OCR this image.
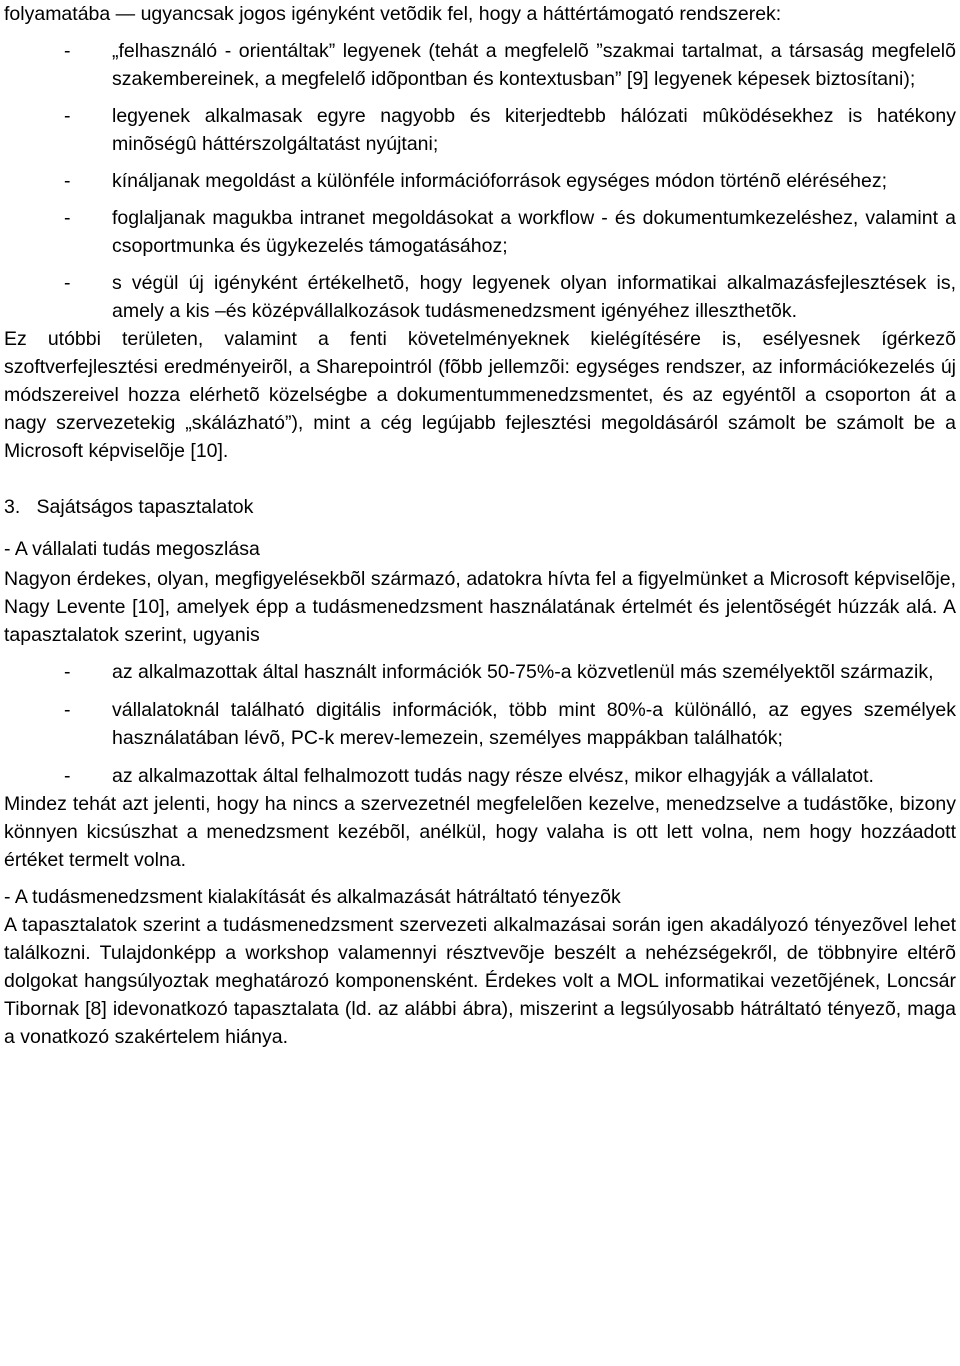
folyamatába — ugyancsak jogos igényként vetõdik fel, hogy a háttértámogató rendszerek:

-	„felhasználó - orientáltak” legyenek (tehát a megfelelõ ”szakmai tartalmat, a társaság megfelelõ szakembereinek, a megfelelő idõpontban és kontextusban” [9] legyenek képesek biztosítani);
-	legyenek alkalmasak egyre nagyobb és kiterjedtebb hálózati mûködésekhez is hatékony minõségû háttérszolgáltatást nyújtani;
-	kínáljanak megoldást a különféle információforrások egységes módon történõ eléréséhez;
-	foglaljanak magukba intranet megoldásokat a workflow - és dokumentumkezeléshez, valamint a csoportmunka és ügykezelés támogatásához;
-	s végül új igényként értékelhetõ, hogy legyenek olyan informatikai alkalmazásfejlesztések is, amely a kis –és középvállalkozások tudásmenedzsment igényéhez illeszthetõk.

Ez utóbbi területen, valamint a fenti követelményeknek kielégítésére is, esélyesnek ígérkezõ szoftverfejlesztési eredményeirõl, a Sharepointról (fõbb jellemzõi: egységes rendszer, az információkezelés új módszereivel hozza elérhetõ közelségbe a dokumentummenedzsmentet, és az egyéntõl a csoporton át a nagy szervezetekig „skálázható”), mint a cég legújabb fejlesztési megoldásáról számolt be számolt be a Microsoft képviselõje [10].

3. Sajátságos tapasztalatok

- A vállalati tudás megoszlása

Nagyon érdekes, olyan, megfigyelésekbõl származó, adatokra hívta fel a figyelmünket a Microsoft képviselõje, Nagy Levente [10], amelyek épp a tudásmenedzsment használatának értelmét és jelentõségét húzzák alá. A tapasztalatok szerint, ugyanis

-	az alkalmazottak által használt információk 50-75%-a közvetlenül más személyektõl származik,
-	vállalatoknál található digitális információk, több mint 80%-a különálló, az egyes személyek használatában lévõ, PC-k merev-lemezein, személyes mappákban találhatók;
-	az alkalmazottak által felhalmozott tudás nagy része elvész, mikor elhagyják a vállalatot.

Mindez tehát azt jelenti, hogy ha nincs a szervezetnél megfelelõen kezelve, menedzselve a tudástõke, bizony könnyen kicsúszhat a menedzsment kezébõl, anélkül, hogy valaha is ott lett volna, nem hogy hozzáadott értéket termelt volna.

- A tudásmenedzsment kialakítását és alkalmazását hátráltató tényezõk

A tapasztalatok szerint a tudásmenedzsment szervezeti alkalmazásai során igen akadályozó tényezõvel lehet találkozni. Tulajdonképp a workshop valamennyi résztvevõje beszélt a nehézségekről, de többnyire eltérõ dolgokat hangsúlyoztak meghatározó komponensként. Érdekes volt a MOL informatikai vezetõjének, Loncsár Tibornak [8] idevonatkozó tapasztalata (ld. az alábbi ábra), miszerint a legsúlyosabb hátráltató tényezõ, maga a vonatkozó szakértelem hiánya.
